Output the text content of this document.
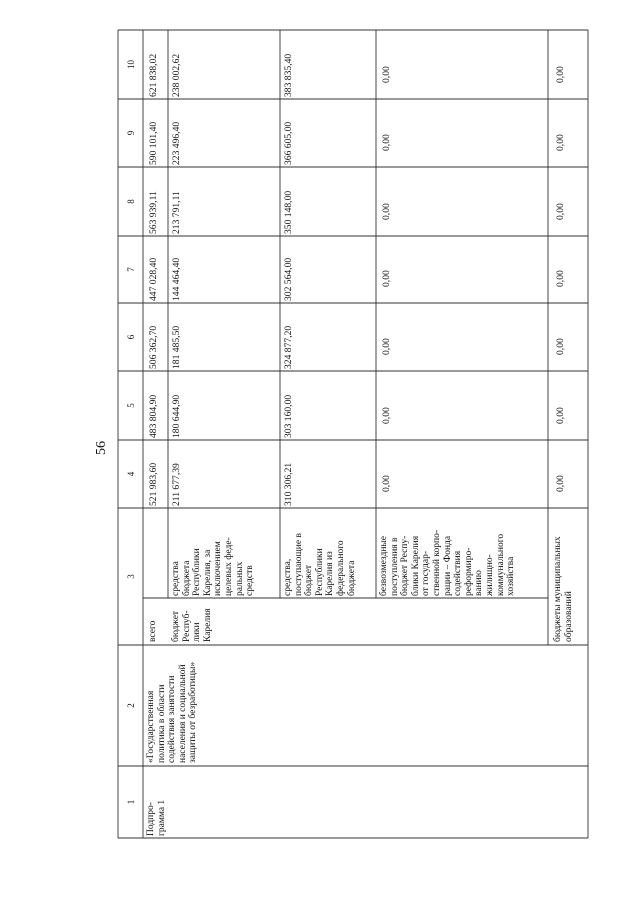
56
1
2
3
4
5
6
7
8
9
10
Подпро-
грамма 1
«Государственная
политика в области
содействия занятости
населения и социальной
защиты от безработицы»
всего бюджет
Респуб-
лики
Карелия
средства
бюджета
Республики
Карелия, за
исключением
целевых феде-
ральных
средств	средства,
поступающие в
бюджет
Республики
Карелия из
федерального
бюджета безвозмездные
поступления в
бюджет Респу-
блики Карелия
от государ-
ственной корпо-
рации – Фонда
содействия
реформиро-
ванию
жилищно-
коммунального
хозяйства
бюджеты муниципальных
образований
521 983,60
483 804,90
506 362,70
447 028,40
563 939,11
590 101,40
621 838,02
211 677,39
180 644,90
181 485,50
144 464,40
213 791,11
223 496,40
238 002,62
310 306,21
303 160,00
324 877,20
302 564,00
350 148,00
366 605,00
383 835,40
0,00
0,00
0,00
0,00
0,00
0,00
0,00
0,00
0,00
0,00
0,00
0,00
0,00
0,00
